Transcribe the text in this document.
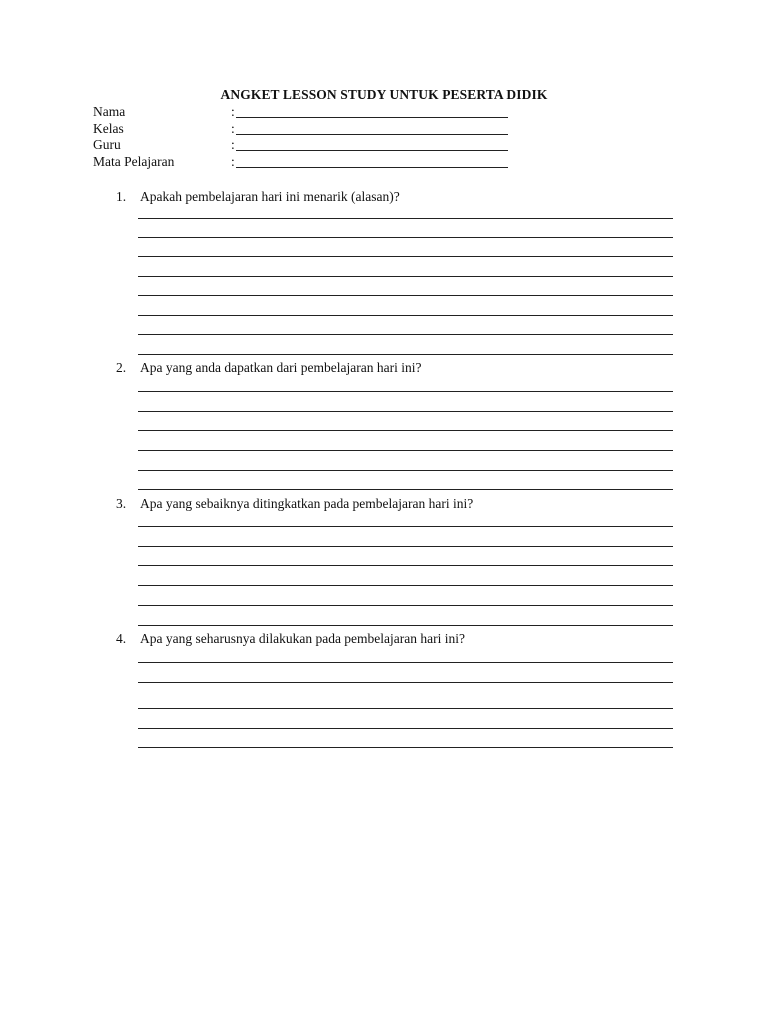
ANGKET LESSON STUDY UNTUK PESERTA DIDIK
Nama	:
Kelas	:
Guru	:
Mata Pelajaran	:
1. Apakah pembelajaran hari ini menarik (alasan)?
2. Apa yang anda dapatkan dari pembelajaran hari ini?
3. Apa yang sebaiknya ditingkatkan pada pembelajaran hari ini?
4. Apa yang seharusnya dilakukan pada pembelajaran hari ini?
